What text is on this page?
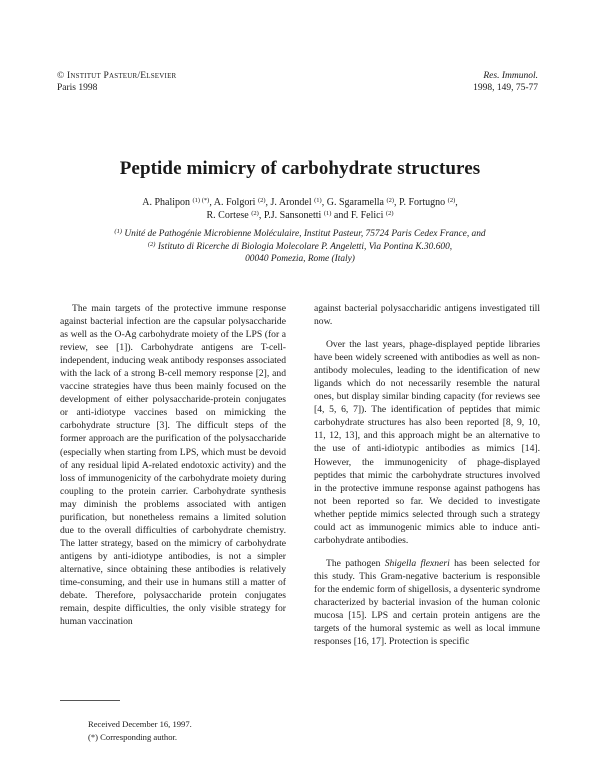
© Institut Pasteur/Elsevier
Paris 1998
Res. Immunol.
1998, 149, 75-77
Peptide mimicry of carbohydrate structures
A. Phalipon $^{(1) (*)}$, A. Folgori $^{(2)}$, J. Arondel $^{(1)}$, G. Sgaramella $^{(2)}$, P. Fortugno $^{(2)}$,
R. Cortese $^{(2)}$, P.J. Sansonetti $^{(1)}$ and F. Felici $^{(2)}$
$^{(1)}$ Unité de Pathogénie Microbienne Moléculaire, Institut Pasteur, 75724 Paris Cedex France, and
$^{(2)}$ Istituto di Ricerche di Biologia Molecolare P. Angeletti, Via Pontina K.30.600,
00040 Pomezia, Rome (Italy)

The main targets of the protective immune response against bacterial infection are the capsular polysaccharide as well as the O-Ag carbohydrate moiety of the LPS (for a review, see [1]). Carbohydrate antigens are T-cell-independent, inducing weak antibody responses associated with the lack of a strong B-cell memory response [2], and vaccine strategies have thus been mainly focused on the development of either polysaccharide-protein conjugates or anti-idiotype vaccines based on mimicking the carbohydrate structure [3]. The difficult steps of the former approach are the purification of the polysaccharide (especially when starting from LPS, which must be devoid of any residual lipid A-related endotoxic activity) and the loss of immunogenicity of the carbohydrate moiety during coupling to the protein carrier. Carbohydrate synthesis may diminish the problems associated with antigen purification, but nonetheless remains a limited solution due to the overall difficulties of carbohydrate chemistry. The latter strategy, based on the mimicry of carbohydrate antigens by anti-idiotype antibodies, is not a simpler alternative, since obtaining these antibodies is relatively time-consuming, and their use in humans still a matter of debate. Therefore, polysaccharide protein conjugates remain, despite difficulties, the only visible strategy for human vaccination

against bacterial polysaccharidic antigens investigated till now.

Over the last years, phage-displayed peptide libraries have been widely screened with antibodies as well as non-antibody molecules, leading to the identification of new ligands which do not necessarily resemble the natural ones, but display similar binding capacity (for reviews see [4, 5, 6, 7]). The identification of peptides that mimic carbohydrate structures has also been reported [8, 9, 10, 11, 12, 13], and this approach might be an alternative to the use of anti-idiotypic antibodies as mimics [14]. However, the immunogenicity of phage-displayed peptides that mimic the carbohydrate structures involved in the protective immune response against pathogens has not been reported so far. We decided to investigate whether peptide mimics selected through such a strategy could act as immunogenic mimics able to induce anti-carbohydrate antibodies.

The pathogen Shigella flexneri has been selected for this study. This Gram-negative bacterium is responsible for the endemic form of shigellosis, a dysenteric syndrome characterized by bacterial invasion of the human colonic mucosa [15]. LPS and certain protein antigens are the targets of the humoral systemic as well as local immune responses [16, 17]. Protection is specific

Received December 16, 1997.
(*) Corresponding author.
